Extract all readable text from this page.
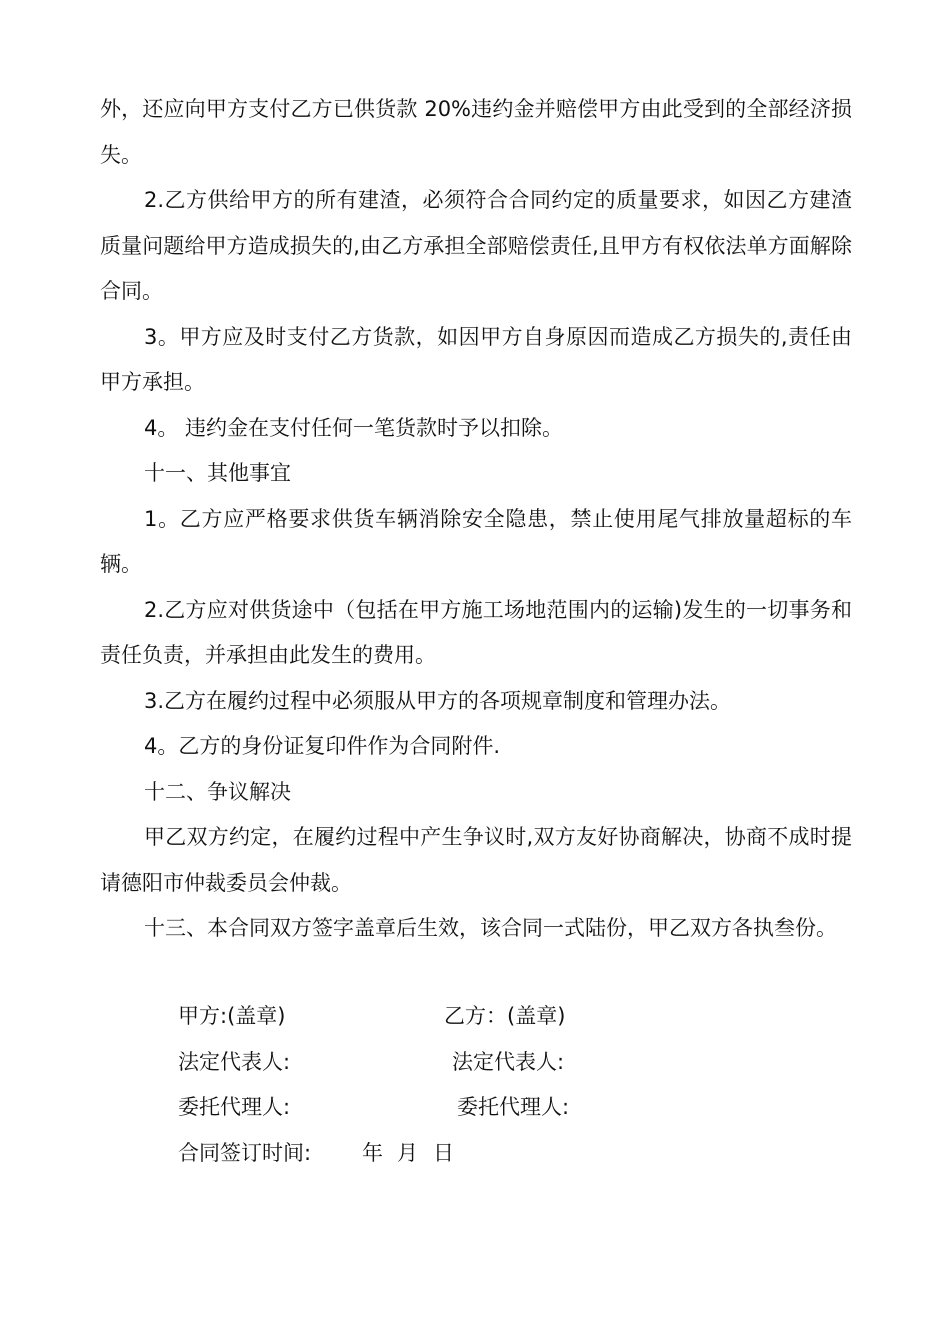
外，还应向甲方支付乙方已供货款 20%违约金并赔偿甲方由此受到的全部经济损失。

2.乙方供给甲方的所有建渣，必须符合合同约定的质量要求，如因乙方建渣质量问题给甲方造成损失的,由乙方承担全部赔偿责任,且甲方有权依法单方面解除合同。

3。甲方应及时支付乙方货款，如因甲方自身原因而造成乙方损失的,责任由甲方承担。

4。 违约金在支付任何一笔货款时予以扣除。

十一、其他事宜

1。乙方应严格要求供货车辆消除安全隐患，禁止使用尾气排放量超标的车辆。

2.乙方应对供货途中（包括在甲方施工场地范围内的运输)发生的一切事务和责任负责，并承担由此发生的费用。

3.乙方在履约过程中必须服从甲方的各项规章制度和管理办法。

4。乙方的身份证复印件作为合同附件.

十二、争议解决

甲乙双方约定，在履约过程中产生争议时,双方友好协商解决，协商不成时提请德阳市仲裁委员会仲裁。

十三、本合同双方签字盖章后生效，该合同一式陆份，甲乙双方各执叁份。

甲方:(盖章)	乙方：(盖章)
法定代表人:	法定代表人:
委托代理人:	委托代理人:
合同签订时间: 年 月 日
